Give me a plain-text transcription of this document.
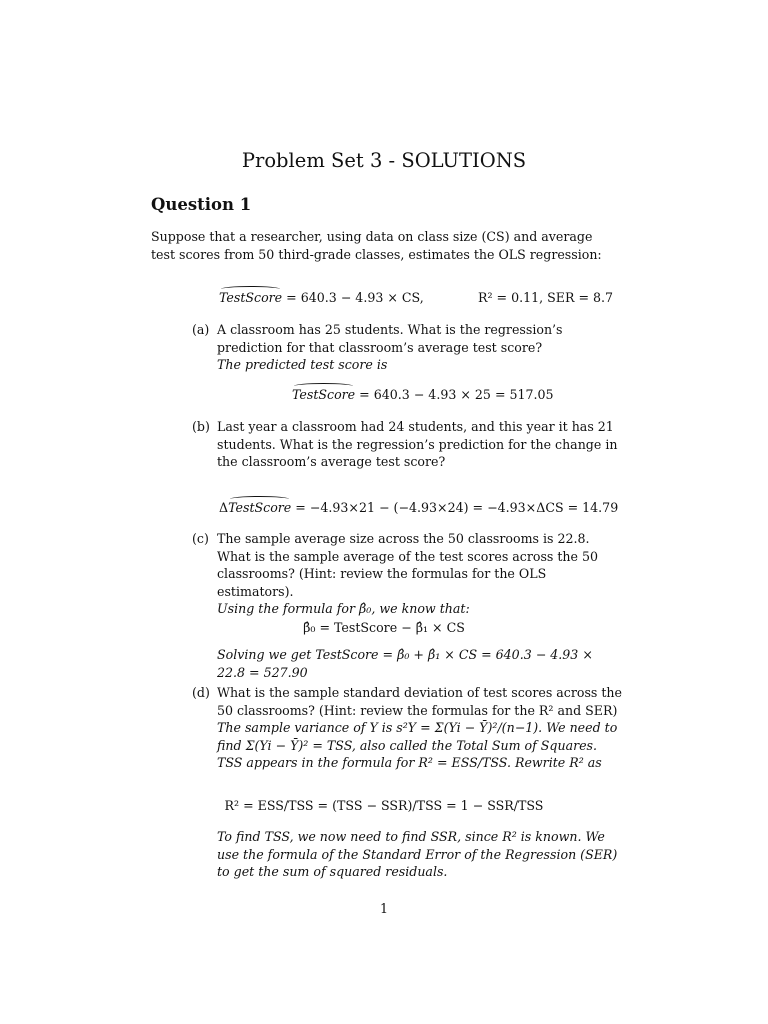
Problem Set 3 - SOLUTIONS
Question 1
Suppose that a researcher, using data on class size (CS) and average test scores from 50 third-grade classes, estimates the OLS regression:
TestScore = 640.3 − 4.93 × CS,	R² = 0.11, SER = 8.7
(a) A classroom has 25 students. What is the regression’s prediction for that classroom’s average test score?
The predicted test score is
TestScore = 640.3 − 4.93 × 25 = 517.05
(b) Last year a classroom had 24 students, and this year it has 21 students. What is the regression’s prediction for the change in the classroom’s average test score?
ΔTestScore = −4.93×21 − (−4.93×24) = −4.93×ΔCS = 14.79
(c) The sample average size across the 50 classrooms is 22.8. What is the sample average of the test scores across the 50 classrooms? (Hint: review the formulas for the OLS estimators).
Using the formula for β̂₀, we know that:
β̂₀ = TestScore − β̂₁ × CS
Solving we get TestScore = β̂₀ + β̂₁ × CS = 640.3 − 4.93 × 22.8 = 527.90
(d) What is the sample standard deviation of test scores across the 50 classrooms? (Hint: review the formulas for the R² and SER)
The sample variance of Y is s²Y = Σ(Yi − Ȳ)²/(n−1). We need to find Σ(Yi − Ȳ)² = TSS, also called the Total Sum of Squares.
TSS appears in the formula for R² = ESS/TSS. Rewrite R² as
R² = ESS/TSS = (TSS − SSR)/TSS = 1 − SSR/TSS
To find TSS, we now need to find SSR, since R² is known. We use the formula of the Standard Error of the Regression (SER) to get the sum of squared residuals.
1
